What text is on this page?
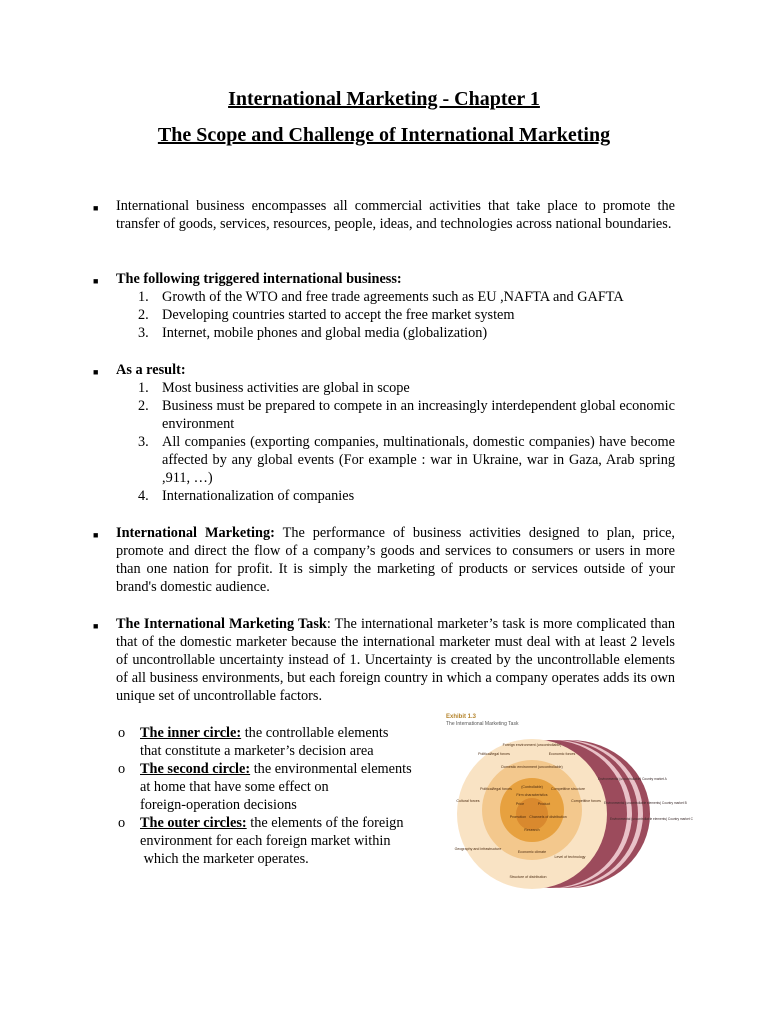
International Marketing - Chapter 1
The Scope and Challenge of International Marketing
■ International business encompasses all commercial activities that take place to promote the transfer of goods, services, resources, people, ideas, and technologies across national boundaries.
■ The following triggered international business:
1. Growth of the WTO and free trade agreements such as EU ,NAFTA and GAFTA
2. Developing countries started to accept the free market system
3. Internet, mobile phones and global media (globalization)
■ As a result:
1. Most business activities are global in scope
2. Business must be prepared to compete in an increasingly interdependent global economic environment
3. All companies (exporting companies, multinationals, domestic companies) have become affected by any global events (For example : war in Ukraine, war in Gaza, Arab spring ,911, …)
4. Internationalization of companies
■ International Marketing: The performance of business activities designed to plan, price, promote and direct the flow of a company’s goods and services to consumers or users in more than one nation for profit. It is simply the marketing of products or services outside of your brand's domestic audience.
■ The International Marketing Task: The international marketer’s task is more complicated than that of the domestic marketer because the international marketer must deal with at least 2 levels of uncontrollable uncertainty instead of 1. Uncertainty is created by the uncontrollable elements of all business environments, but each foreign country in which a company operates adds its own unique set of uncontrollable factors.
o	The inner circle: the controllable elements
that constitute a marketer’s decision area
o	The second circle: the environmental elements
at home that have some effect on
foreign-operation decisions
o	The outer circles: the elements of the foreign
environment for each foreign market within
which the marketer operates.
Exhibit 1.3
The International Marketing Task
Foreign environment (uncontrollable)
Political/legal forces	Economic forces
Domestic environment (uncontrollable)
Political/legal forces	Competitive structure
(Controllable)
Firm characteristics
Price	Product
Promotion Channels of distribution
Research
Cultural forces	Competitive forces
Economic climate
Geography and infrastructure
Level of technology
Structure of distribution
Environmental (uncontrollable) Country market A
Environmental (uncontrollable elements) Country market B
Environmental (uncontrollable elements) Country market C
